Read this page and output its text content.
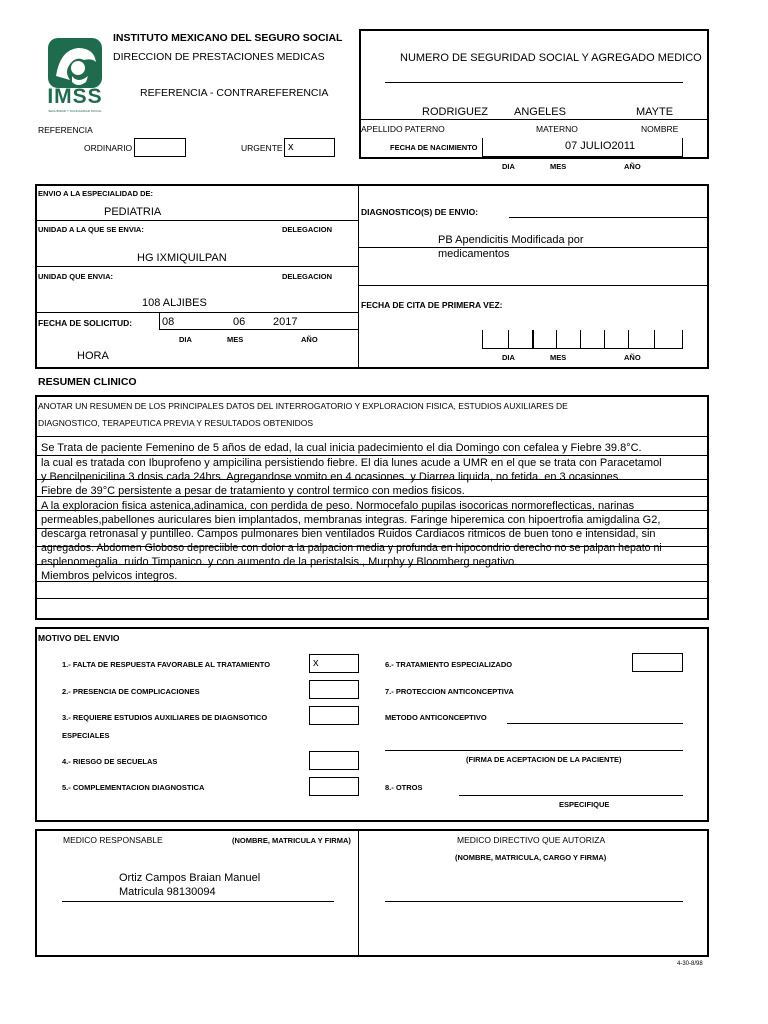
IMSS
SEGURIDAD Y SOLIDARIDAD SOCIAL
INSTITUTO MEXICANO DEL SEGURO SOCIAL
DIRECCION DE PRESTACIONES MEDICAS
REFERENCIA - CONTRAREFERENCIA
REFERENCIA
ORDINARIO	URGENTE x
NUMERO DE SEGURIDAD SOCIAL Y AGREGADO MEDICO
RODRIGUEZ ANGELES	MAYTE
APELLIDO PATERNO	MATERNO	NOMBRE
FECHA DE NACIMIENTO	07 JULIO2011
DIA	MES	AÑO
ENVIO A LA ESPECIALIDAD DE:
PEDIATRIA
UNIDAD A LA QUE SE ENVIA:	DELEGACION
HG IXMIQUILPAN
UNIDAD QUE ENVIA:	DELEGACION
108 ALJIBES
FECHA DE SOLICITUD:	08	06	2017
DIA	MES	AÑO
HORA
DIAGNOSTICO(S) DE ENVIO:
PB Apendicitis Modificada por
medicamentos
FECHA DE CITA DE PRIMERA VEZ:
DIA	MES	AÑO
RESUMEN CLINICO
ANOTAR UN RESUMEN DE LOS PRINCIPALES DATOS DEL INTERROGATORIO Y EXPLORACION FISICA, ESTUDIOS AUXILIARES DE
DIAGNOSTICO, TERAPEUTICA PREVIA Y RESULTADOS OBTENIDOS
Se Trata de paciente Femenino de 5 años de edad, la cual inicia padecimiento el dia Domingo con cefalea y Fiebre 39.8°C.
la cual es tratada con Ibuprofeno y ampicilina persistiendo fiebre. El dia lunes acude a UMR en el que se trata con Paracetamol
y Bencilpenicilina 3 dosis cada 24hrs. Agregandose vomito en 4 ocasiones. y Diarrea liquida, no fetida. en 3 ocasiones.
Fiebre de 39°C persistente a pesar de tratamiento y control termico con medios fisicos.
A la exploracion fisica astenica,adinamica, con perdida de peso. Normocefalo pupilas isocoricas normoreflecticas, narinas
permeables,pabellones auriculares bien implantados, membranas integras. Faringe hiperemica con hipoertrofia amigdalina G2,
descarga retronasal y puntilleo. Campos pulmonares bien ventilados Ruidos Cardiacos ritmicos de buen tono e intensidad, sin
agregados. Abdomen Globoso depreciible con dolor a la palpacion media y profunda en hipocondrio derecho no se palpan hepato ni
esplenomegalia. ruido Timpanico. y con aumento de la peristalsis., Murphy y Bloomberg negativo.
Miembros pelvicos integros.
MOTIVO DEL ENVIO
1.- FALTA DE RESPUESTA FAVORABLE AL TRATAMIENTO	x
2.- PRESENCIA DE COMPLICACIONES
3.- REQUIERE ESTUDIOS AUXILIARES DE DIAGNSOTICO
ESPECIALES
4.- RIESGO DE SECUELAS
5.- COMPLEMENTACION DIAGNOSTICA
6.- TRATAMIENTO ESPECIALIZADO
7.- PROTECCION ANTICONCEPTIVA
METODO ANTICONCEPTIVO
(FIRMA DE ACEPTACION DE LA PACIENTE)
8.- OTROS
ESPECIFIQUE
MEDICO RESPONSABLE	(NOMBRE, MATRICULA Y FIRMA)
Ortiz Campos Braian Manuel
Matricula 98130094
MEDICO DIRECTIVO QUE AUTORIZA
(NOMBRE, MATRICULA, CARGO Y FIRMA)
4-30-8/98
